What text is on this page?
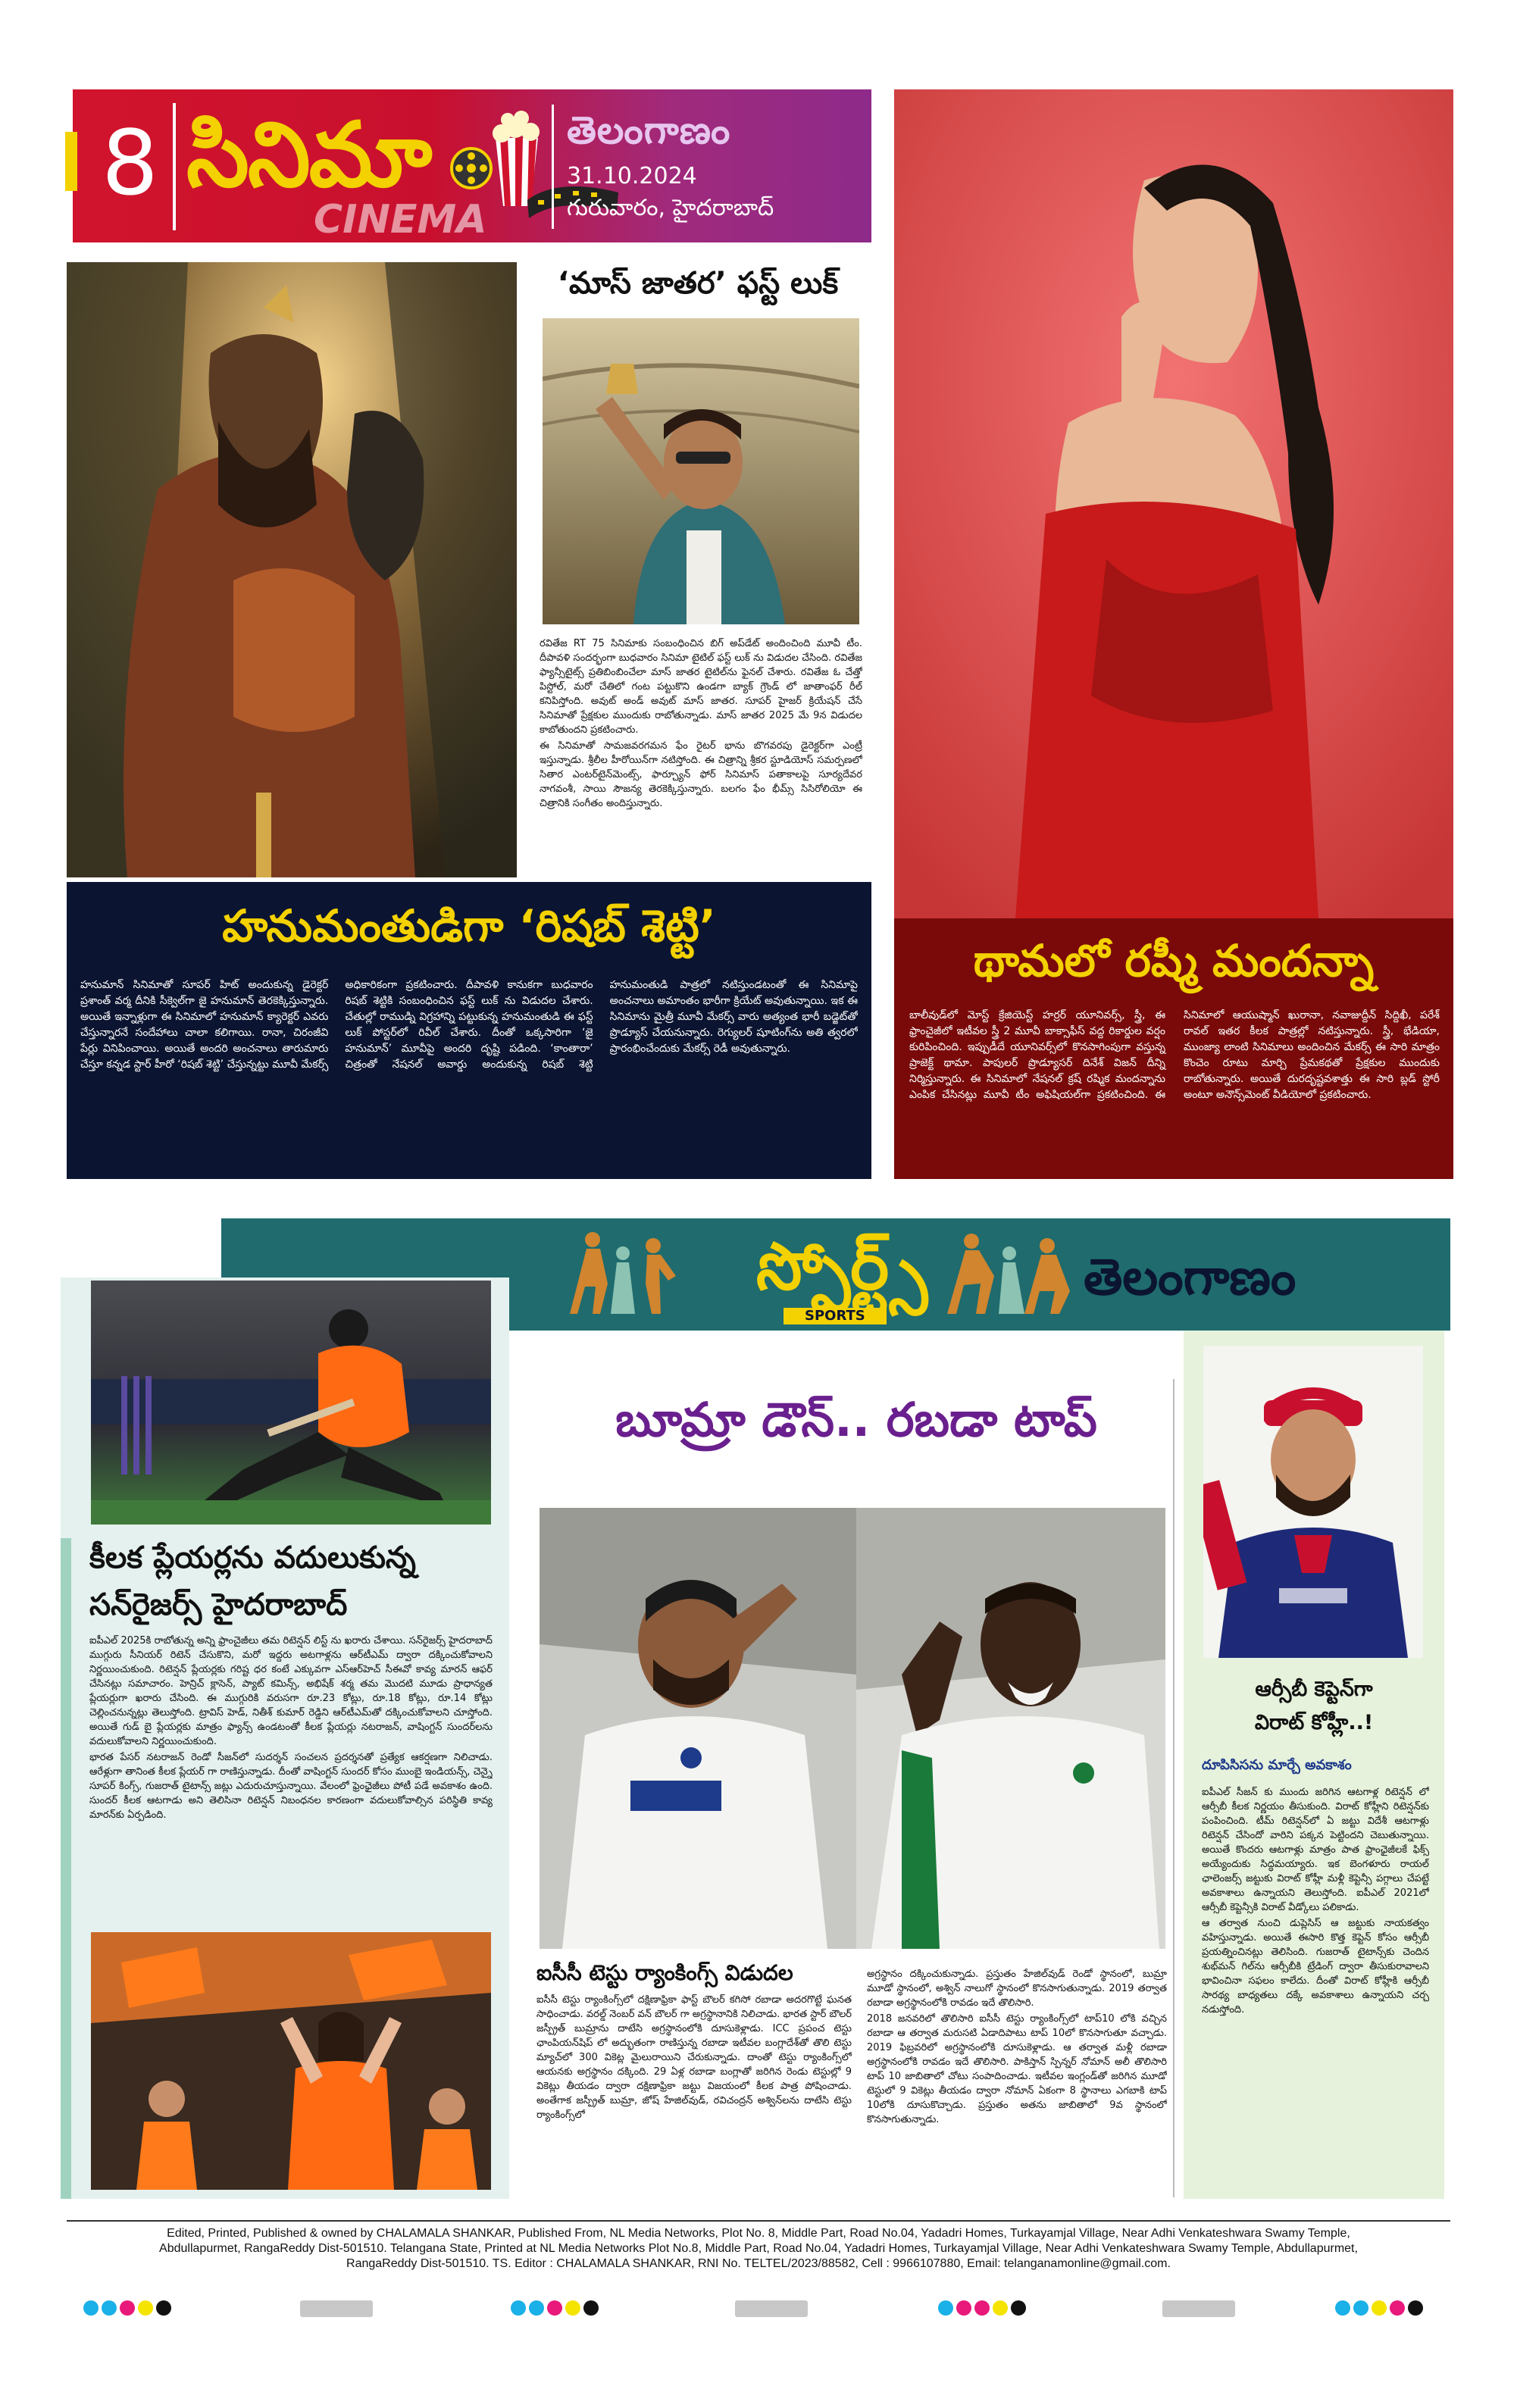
8 సినిమా
CINEMA
తెలంగాణం
31.10.2024
గురువారం, హైదరాబాద్
‘మాస్ జాతర’ ఫస్ట్ లుక్

రవితేజ RT 75 సినిమాకు సంబంధించిన బిగ్ అప్‌డేట్ అందించింది మూవీ టీం. దీపావళి సందర్భంగా బుధవారం సినిమా టైటిల్ ఫస్ట్ లుక్ ను విడుదల చేసింది. రవితేజ ఫ్యాన్సీటైట్స్ ప్రతిబింబించేలా మాస్ జాతర టైటిల్‌ను ఫైనల్ చేశారు. రవితేజ ఓ చేత్తో పిస్టోల్, మరో చేతిలో గంట పట్టుకొని ఉండగా బ్యాక్ గ్రౌండ్ లో జాతాంఫర్ రీల్ కనిపిస్తోంది. అవుట్ అండ్ అవుట్ మాస్ జాతర. సూపర్ హైజర్ క్రియేషన్ చేసే సినిమాతో ప్రేక్షకుల ముందుకు రాబోతున్నాడు. మాస్ జాతర 2025 మే 9న విడుదల కాబోతుందని ప్రకటించారు.

ఈ సినిమాతో సామజవరగమన ఫేం రైటర్ భాను బొగవరపు డైరెక్టర్‌గా ఎంట్రీ ఇస్తున్నాడు. శ్రీలీల హీరోయిన్‌గా నటిస్తోంది. ఈ చిత్రాన్ని శ్రీకర స్టూడియోస్ సమర్పణలో సితార ఎంటర్‌టైన్‌మెంట్స్, ఫార్చ్యూన్ ఫోర్ సినిమాస్ పతాకాలపై సూర్యదేవర నాగవంశీ, సాయి సౌజన్య తెరకెక్కిస్తున్నారు. బలగం ఫేం భీమ్స్ సిసిరోలియో ఈ చిత్రానికి సంగీతం అందిస్తున్నారు.

హనుమంతుడిగా ‘రిషబ్ శెట్టి’
హనుమాన్ సినిమాతో సూపర్ హిట్ అందుకున్న డైరెక్టర్ ప్రశాంత్ వర్మ దీనికి సీక్వెల్‌గా జై హనుమాన్ తెరకెక్కిస్తున్నారు. అయితే ఇన్నాళ్లుగా ఈ సినిమాలో హనుమాన్ క్యారెక్టర్ ఎవరు చేస్తున్నారనే సందేహాలు చాలా కలిగాయి. రానా, చిరంజీవి పేర్లు వినిపించాయి. అయితే అందరి అంచనాలు తారుమారు చేస్తూ కన్నడ స్టార్ హీరో ‘రిషబ్ శెట్టి’ చేస్తున్నట్టు మూవీ మేకర్స్ అధికారికంగా ప్రకటించారు. దీపావళి కానుకగా బుధవారం రిషబ్ శెట్టికి సంబంధించిన ఫస్ట్ లుక్ ను విడుదల చేశారు. చేతుల్లో రాముడ్ని విగ్రహాన్ని పట్టుకున్న హనుమంతుడి ఈ ఫస్ట్ లుక్ పోస్టర్‌లో రివీల్ చేశారు. దీంతో ఒక్కసారిగా ‘జై హనుమాన్’ మూవీపై అందరి దృష్టి పడింది. ‘కాంతారా’ చిత్రంతో నేషనల్ అవార్డు అందుకున్న రిషబ్ శెట్టి హనుమంతుడి పాత్రలో నటిస్తుండటంతో ఈ సినిమాపై అంచనాలు అమాంతం భారీగా క్రియేట్ అవుతున్నాయి. ఇక ఈ సినిమాను మైత్రీ మూవీ మేకర్స్ వారు అత్యంత భారీ బడ్జెట్‌తో ప్రొడ్యూస్ చేయనున్నారు. రెగ్యులర్ షూటింగ్‌ను అతి త్వరలో ప్రారంభించేందుకు మేకర్స్ రెడీ అవుతున్నారు.
థామలో రష్మీ మందన్నా
బాలీవుడ్‌లో మోస్ట్ క్రేజియెస్ట్ హర్రర్ యూనివర్స్, స్త్రీ, ఈ ఫ్రాంచైజీలో ఇటీవల స్త్రీ 2 మూవీ బాక్సాఫీస్ వద్ద రికార్డుల వర్షం కురిపించింది. ఇప్పుడీదే యూనివర్స్‌లో కొనసాగింపుగా వస్తున్న ప్రాజెక్ట్ థామా. పాపులర్ ప్రొడ్యూసర్ దినేశ్ విజన్ దీన్ని నిర్మిస్తున్నారు. ఈ సినిమాలో నేషనల్ క్రష్ రష్మిక మందన్నాను ఎంపిక చేసినట్లు మూవీ టీం అఫిషియల్‌గా ప్రకటించింది. ఈ సినిమాలో ఆయుష్మాన్ ఖురానా, నవాజుద్దీన్ సిద్దిఖీ, పరేశ్ రావల్ ఇతర కీలక పాత్రల్లో నటిస్తున్నారు. స్త్రీ, భేడియా, ముంజ్యా లాంటి సినిమాలు అందించిన మేకర్స్ ఈ సారి మాత్రం కొంచెం రూటు మార్చి ప్రేమకథతో ప్రేక్షకుల ముందుకు రాబోతున్నారు. అయితే దురదృష్టవశాత్తు ఈ సారి బ్లడ్ స్టోరీ అంటూ అనౌన్స్‌మెంట్ వీడియోలో ప్రకటించారు.
స్పోర్ట్స్
SPORTS
తెలంగాణం
కీలక ప్లేయర్లను వదులుకున్న
సన్‌రైజర్స్ హైదరాబాద్

ఐపీఎల్ 2025కి రాబోతున్న అన్ని ఫ్రాంచైజీలు తమ రిటెన్షన్ లిస్ట్ ను ఖరారు చేశాయి. సన్‌రైజర్స్ హైదరాబాద్ ముగ్గురు సీనియర్ రిటెన్ చేసుకొని, మరో ఇద్దరు అటగాళ్లను ఆర్‌టీఎమ్ ద్వారా దక్కించుకోవాలని నిర్ణయించుకుంది. రిటెన్షన్ ప్లేయర్లకు గరిష్ట ధర కంటే ఎక్కువగా ఎస్ఆర్‌హెచ్ సీఈవో కావ్య మారన్ ఆఫర్ చేసినట్లు సమాచారం. హెన్రిచ్ క్లాసెన్, ప్యాట్ కమిన్స్, అభిషేక్ శర్మ తమ మొదటి మూడు ప్రాధాన్యత ప్లేయర్లుగా ఖరారు చేసింది. ఈ ముగ్గురికి వరుసగా రూ.23 కోట్లు, రూ.18 కోట్లు, రూ.14 కోట్లు చెల్లించనున్నట్లు తెలుస్తోంది. ట్రావిస్ హెడ్, నితీశ్ కుమార్ రెడ్డిని ఆర్‌టీఎమ్‌తో దక్కించుకోవాలని చూస్తోంది. అయితే గుడ్ బై ప్లేయర్లకు మాత్రం ఫ్యాన్స్ ఉండటంతో కీలక ప్లేయర్లు నటరాజన్, వాషింగ్టన్ సుందర్‌లను వదులుకోవాలని నిర్ణయించుకుంది.

భారత పేసర్ నటరాజన్ రెండో సీజన్‌లో సుదర్శన్ సంచలన ప్రదర్శనతో ప్రత్యేక ఆకర్షణగా నిలిచాడు. ఆరేళ్లుగా తానింత కీలక ప్లేయర్ గా రాణిస్తున్నాడు. దీంతో వాషింగ్టన్ సుందర్ కోసం ముంబై ఇండియన్స్, చెన్నై సూపర్ కింగ్స్, గుజరాత్ టైటాన్స్ జట్లు ఎదురుచూస్తున్నాయి. వేలంలో ఫ్రెంఛైజీలు పోటీ పడే అవకాశం ఉంది. సుందర్ కీలక ఆటగాడు అని తెలిసినా రిటెన్షన్ నిబంధనల కారణంగా వదులుకోవాల్సిన పరిస్థితి కావ్య మారన్‌కు ఏర్పడింది.

బూమ్రా డౌన్.. రబడా టాప్
ఐసీసీ టెస్టు ర్యాంకింగ్స్ విడుదల
ఐసీసీ టెస్టు ర్యాంకింగ్స్‌లో దక్షిణాఫ్రికా ఫాస్ట్ బౌలర్ కగిసో రబాడా అదరగొట్టే ఘనత సాధించాడు. వరల్డ్ నెంబర్ వన్ బౌలర్ గా అగ్రస్థానానికి నిలిచాడు. భారత స్టార్ బౌలర్ జస్ప్రీత్ బుమ్రాను దాటేసి అగ్రస్థానంలోకి దూసుకెళ్లాడు. ICC ప్రపంచ టెస్టు ఛాంపియన్‌షిప్ లో అద్భుతంగా రాణిస్తున్న రబాడా ఇటీవల బంగ్లాదేశ్‌తో తొలి టెస్టు మ్యాచ్‌లో 300 వికెట్ల మైలురాయిని చేరుకున్నాడు. దాంతో టెస్టు ర్యాంకింగ్స్‌లో ఆయనకు అగ్రస్థానం దక్కింది. 29 ఏళ్ల రబాడా బంగ్లాతో జరిగిన రెండు టెస్టుల్లో 9 వికెట్లు తీయడం ద్వారా దక్షిణాఫ్రికా జట్టు విజయంలో కీలక పాత్ర పోషించాడు. అంతేగాక జస్ప్రీత్ బుమ్రా, జోష్ హేజిల్‌వుడ్, రవిచంద్రన్ అశ్విన్‌లను దాటేసి టెస్టు ర్యాంకింగ్స్‌లో

అగ్రస్థానం దక్కించుకున్నాడు. ప్రస్తుతం హేజిల్‌వుడ్ రెండో స్థానంలో, బుమ్రా మూడో స్థానంలో, అశ్విన్ నాలుగో స్థానంలో కొనసాగుతున్నాడు. 2019 తర్వాత రబాడా అగ్రస్థానంలోకి రావడం ఇదే తొలిసారి.

2018 జనవరిలో తొలిసారి ఐసీసీ టెస్టు ర్యాంకింగ్స్‌లో టాప్10 లోకి వచ్చిన రబాడా ఆ తర్వాత మరుసటి ఏడాదిపాటు టాప్ 10లో కొనసాగుతూ వచ్చాడు. 2019 ఫిబ్రవరిలో అగ్రస్థానంలోకి దూసుకెళ్లాడు. ఆ తర్వాత మళ్లీ రబాడా అగ్రస్థానంలోకి రావడం ఇదే తొలిసారి. పాకిస్తాన్ స్పిన్నర్ నోమాన్ అలీ తొలిసారి టాప్ 10 జాబితాలో చోటు సంపాదించాడు. ఇటీవల ఇంగ్లండ్‌తో జరిగిన మూడో టెస్టులో 9 వికెట్లు తీయడం ద్వారా నోమాన్ ఏకంగా 8 స్థానాలు ఎగబాకి టాప్ 10లోకి దూసుకొచ్చాడు. ప్రస్తుతం అతను జాబితాలో 9వ స్థానంలో కొనసాగుతున్నాడు.

ఆర్సీబీ కెప్టెన్‌గా
విరాట్ కోహ్లీ..!
దూపిసిసను మార్చే అవకాశం

ఐపీఎల్ సీజన్ కు ముందు జరిగిన ఆటగాళ్ల రిటెన్షన్ లో ఆర్సీబీ కీలక నిర్ణయం తీసుకుంది. విరాట్ కోహ్లీని రిటెన్షన్‌కు పంపించింది. టీమ్ రిటెన్షన్‌లో ఏ జట్టు విదేశీ ఆటగాళ్లు రిటెన్షన్ చేసిందో వారిని పక్కన పెట్టిందని చెబుతున్నాయి. అయితే కొందరు ఆటగాళ్లు మాత్రం పాత ఫ్రాంఛైజీలకే ఫిక్స్ అయ్యేందుకు సిద్ధమయ్యారు. ఇక బెంగళూరు రాయల్ ఛాలెంజర్స్ జట్టుకు విరాట్ కోహ్లీ మళ్లీ కెప్టెన్సీ పగ్గాలు చేపట్టే అవకాశాలు ఉన్నాయని తెలుస్తోంది. ఐపీఎల్ 2021లో ఆర్సీబీ కెప్టెన్సీకి విరాట్ వీడ్కోలు పలికాడు.

ఆ తర్వాత నుంచి డుప్లెసిస్ ఆ జట్టుకు నాయకత్వం వహిస్తున్నాడు. అయితే ఈసారి కొత్త కెప్టెన్ కోసం ఆర్సీబీ ప్రయత్నించినట్లు తెలిసింది. గుజరాత్ టైటాన్స్‌కు చెందిన శుభ్‌మన్ గిల్‌ను ఆర్సీబీకి ట్రేడింగ్ ద్వారా తీసుకురావాలని భావించినా సఫలం కాలేదు. దీంతో విరాట్ కోహ్లీకి ఆర్సీబీ సారథ్య బాధ్యతలు దక్కే అవకాశాలు ఉన్నాయని చర్చ నడుస్తోంది.

Edited, Printed, Published & owned by CHALAMALA SHANKAR, Published From, NL Media Networks, Plot No. 8, Middle Part, Road No.04, Yadadri Homes, Turkayamjal Village, Near Adhi Venkateshwara Swamy Temple,
Abdullapurmet, RangaReddy Dist-501510. Telangana State, Printed at NL Media Networks Plot No.8, Middle Part, Road No.04, Yadadri Homes, Turkayamjal Village, Near Adhi Venkateshwara Swamy Temple, Abdullapurmet,
RangaReddy Dist-501510. TS. Editor : CHALAMALA SHANKAR, RNI No. TELTEL/2023/88582, Cell : 9966107880, Email: telanganamonline@gmail.com.
